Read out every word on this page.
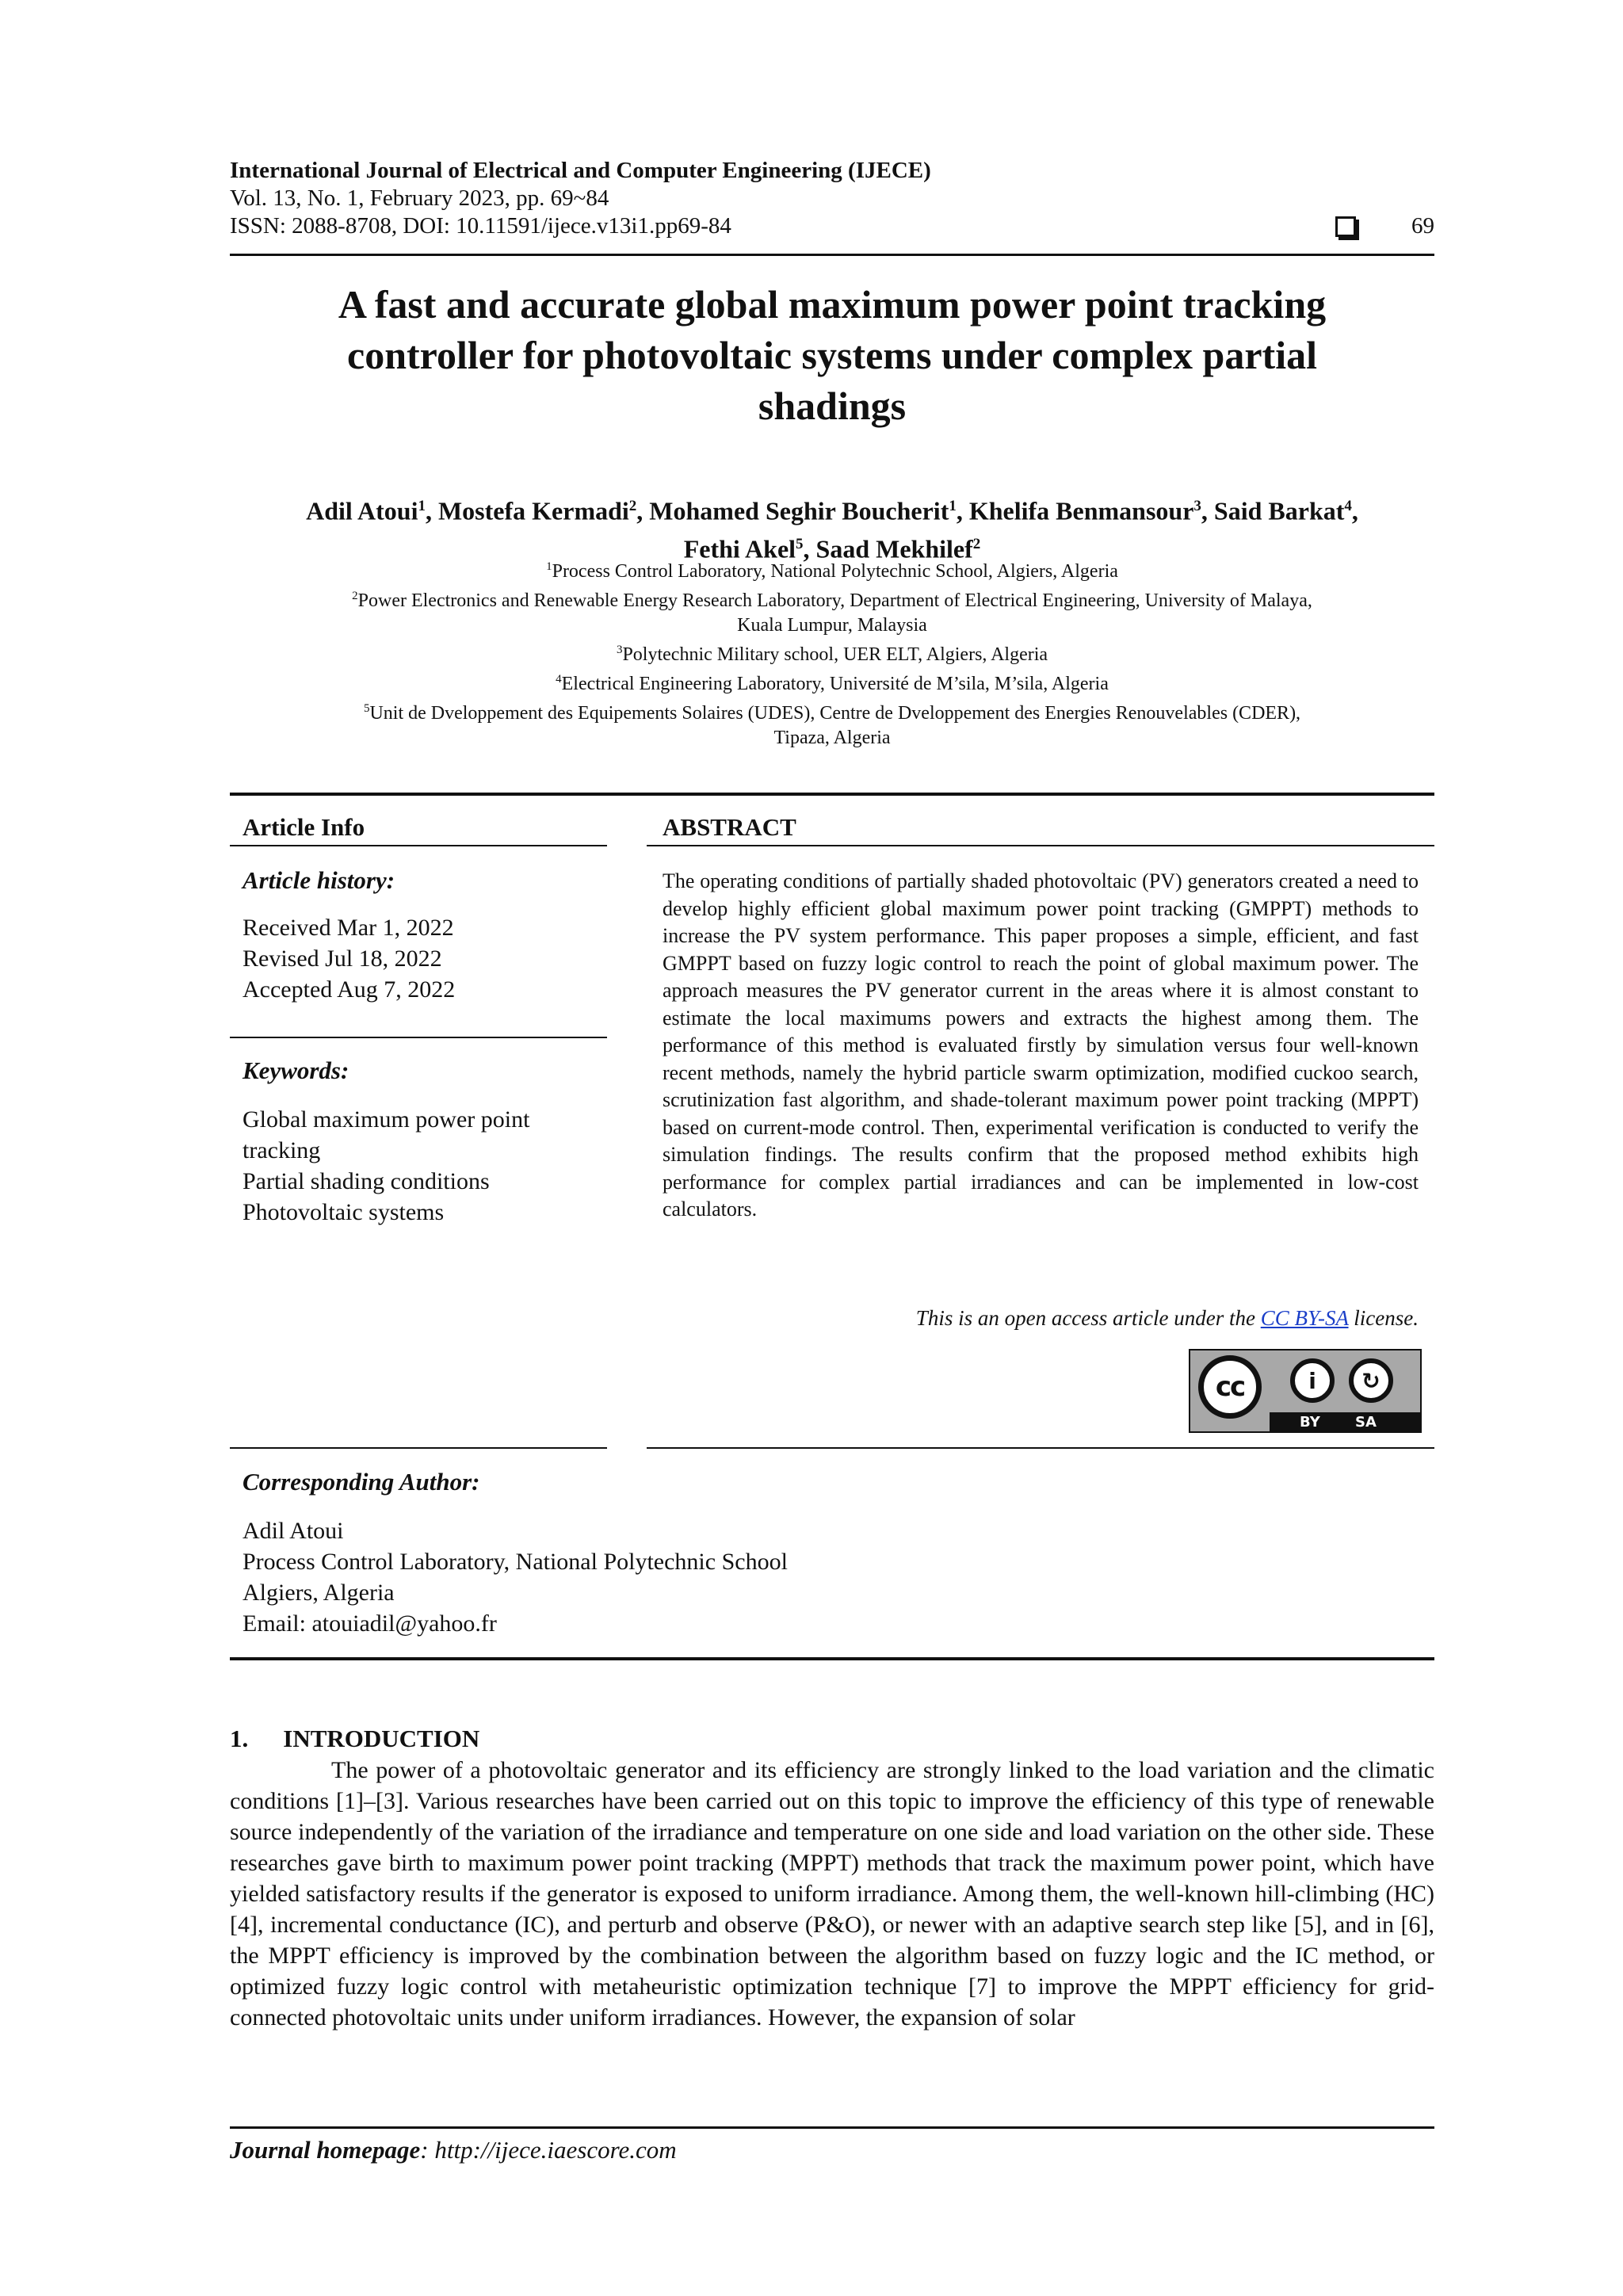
International Journal of Electrical and Computer Engineering (IJECE)
Vol. 13, No. 1, February 2023, pp. 69~84
ISSN: 2088-8708, DOI: 10.11591/ijece.v13i1.pp69-84	69
A fast and accurate global maximum power point tracking
controller for photovoltaic systems under complex partial
shadings
Adil Atoui$^1$, Mostefa Kermadi$^2$, Mohamed Seghir Boucherit$^1$, Khelifa Benmansour$^3$, Said Barkat$^4$,
Fethi Akel$^5$, Saad Mekhilef$^2$
$^1$Process Control Laboratory, National Polytechnic School, Algiers, Algeria
$^2$Power Electronics and Renewable Energy Research Laboratory, Department of Electrical Engineering, University of Malaya,
Kuala Lumpur, Malaysia
$^3$Polytechnic Military school, UER ELT, Algiers, Algeria
$^4$Electrical Engineering Laboratory, Université de M’sila, M’sila, Algeria
$^5$Unit de Dveloppement des Equipements Solaires (UDES), Centre de Dveloppement des Energies Renouvelables (CDER),
Tipaza, Algeria
Article Info	ABSTRACT
Article history:
Received Mar 1, 2022
Revised Jul 18, 2022
Accepted Aug 7, 2022
Keywords:
Global maximum power point
tracking
Partial shading conditions
Photovoltaic systems
The operating conditions of partially shaded photovoltaic (PV) generators created a need to develop highly efficient global maximum power point tracking (GMPPT) methods to increase the PV system performance. This paper proposes a simple, efficient, and fast GMPPT based on fuzzy logic control to reach the point of global maximum power. The approach measures the PV generator current in the areas where it is almost constant to estimate the local maximums powers and extracts the highest among them. The performance of this method is evaluated firstly by simulation versus four well-known recent methods, namely the hybrid particle swarm optimization, modified cuckoo search, scrutinization fast algorithm, and shade-tolerant maximum power point tracking (MPPT) based on current-mode control. Then, experimental verification is conducted to verify the simulation findings. The results confirm that the proposed method exhibits high performance for complex partial irradiances and can be implemented in low-cost calculators.
This is an open access article under the CC BY-SA license.
cc	i	↻
BY SA
Corresponding Author:
Adil Atoui
Process Control Laboratory, National Polytechnic School
Algiers, Algeria
Email: atouiadil@yahoo.fr
1. INTRODUCTION
The power of a photovoltaic generator and its efficiency are strongly linked to the load variation and the climatic conditions [1]–[3]. Various researches have been carried out on this topic to improve the efficiency of this type of renewable source independently of the variation of the irradiance and temperature on one side and load variation on the other side. These researches gave birth to maximum power point tracking (MPPT) methods that track the maximum power point, which have yielded satisfactory results if the generator is exposed to uniform irradiance. Among them, the well-known hill-climbing (HC) [4], incremental conductance (IC), and perturb and observe (P&O), or newer with an adaptive search step like [5], and in [6], the MPPT efficiency is improved by the combination between the algorithm based on fuzzy logic and the IC method, or optimized fuzzy logic control with metaheuristic optimization technique [7] to improve the MPPT efficiency for grid-connected photovoltaic units under uniform irradiances. However, the expansion of solar
Journal homepage: http://ijece.iaescore.com
